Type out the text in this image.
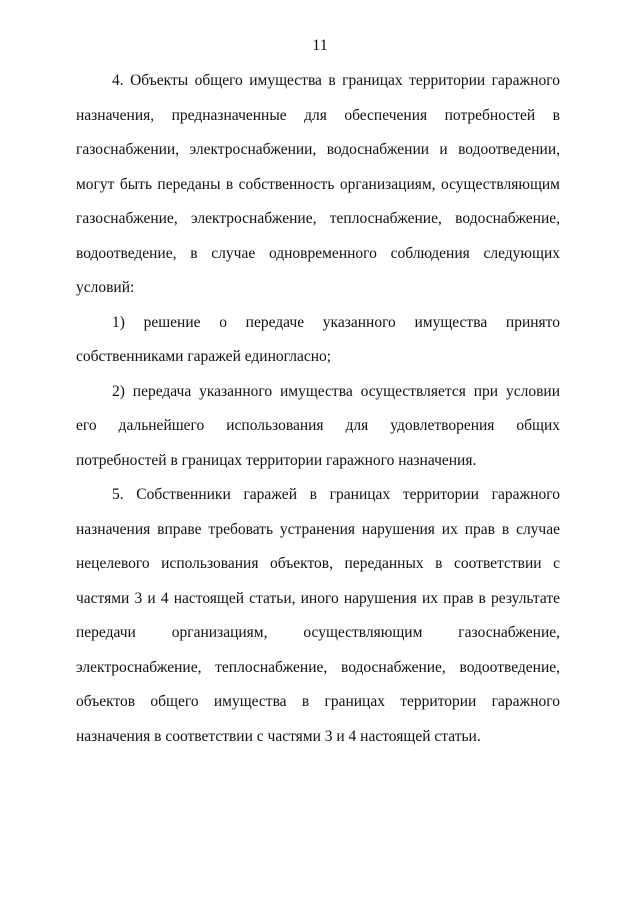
11

4. Объекты общего имущества в границах территории гаражного назначения, предназначенные для обеспечения потребностей в газоснабжении, электроснабжении, водоснабжении и водоотведении, могут быть переданы в собственность организациям, осуществляющим газоснабжение, электроснабжение, теплоснабжение, водоснабжение, водоотведение, в случае одновременного соблюдения следующих условий:

1) решение о передаче указанного имущества принято собственниками гаражей единогласно;

2) передача указанного имущества осуществляется при условии его дальнейшего использования для удовлетворения общих потребностей в границах территории гаражного назначения.

5. Собственники гаражей в границах территории гаражного назначения вправе требовать устранения нарушения их прав в случае нецелевого использования объектов, переданных в соответствии с частями 3 и 4 настоящей статьи, иного нарушения их прав в результате передачи организациям, осуществляющим газоснабжение, электроснабжение, теплоснабжение, водоснабжение, водоотведение, объектов общего имущества в границах территории гаражного назначения в соответствии с частями 3 и 4 настоящей статьи.
